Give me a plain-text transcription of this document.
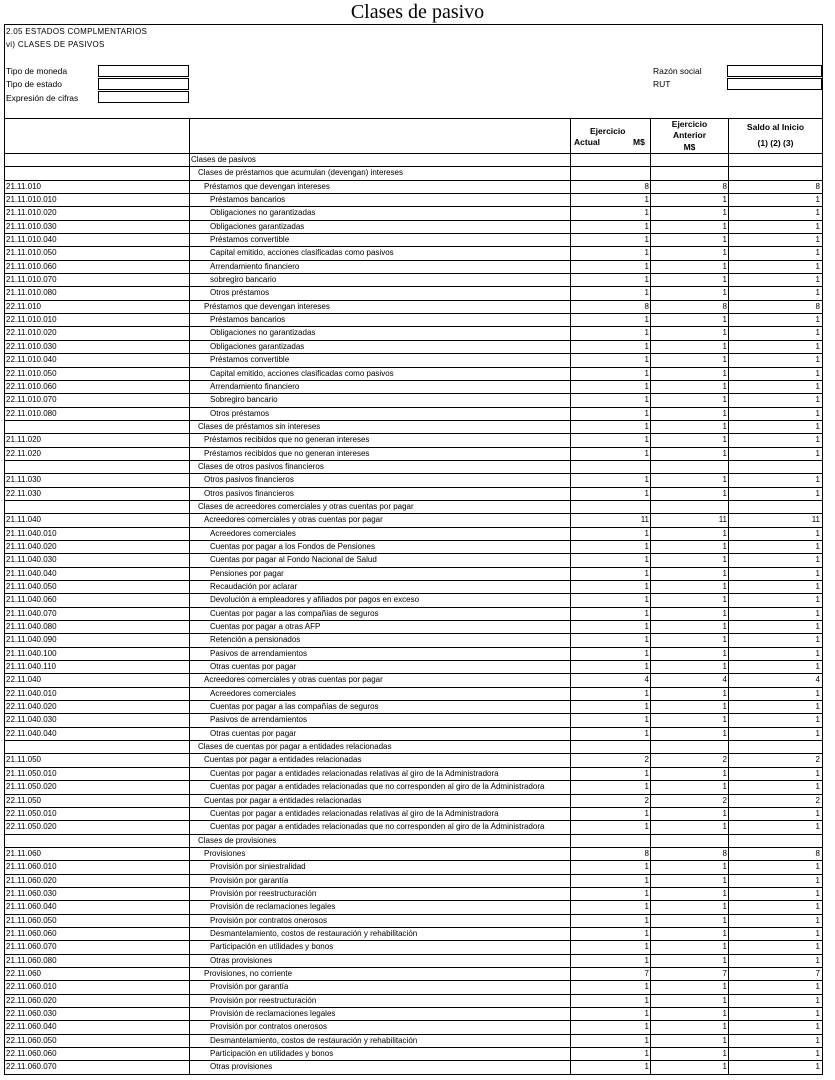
Clases de pasivo
2.05 ESTADOS COMPLMENTARIOS
vi) CLASES DE PASIVOS
Tipo de moneda
Tipo de estado
Expresión de cifras
Razón social
RUT
Ejercicio
Actual	M$
Ejercicio
Anterior
M$
Saldo al Inicio
(1) (2) (3)
Clases de pasivos
Clases de préstamos que acumulan (devengan) intereses
21.11.010	Préstamos que devengan intereses	8	8	8
21.11.010.010	Préstamos bancarios	1	1	1
21.11.010.020	Obligaciones no garantizadas	1	1	1
21.11.010.030	Obligaciones garantizadas	1	1	1
21.11.010.040	Préstamos convertible	1	1	1
21.11.010.050	Capital emitido, acciones clasificadas como pasivos	1	1	1
21.11.010.060	Arrendamiento financiero	1	1	1
21.11.010.070	sobregiro bancario	1	1	1
21.11.010.080	Otros préstamos	1	1	1
22.11.010	Préstamos que devengan intereses	8	8	8
22.11.010.010	Préstamos bancarios	1	1	1
22.11.010.020	Obligaciones no garantizadas	1	1	1
22.11.010.030	Obligaciones garantizadas	1	1	1
22.11.010.040	Préstamos convertible	1	1	1
22.11.010.050	Capital emitido, acciones clasificadas como pasivos	1	1	1
22.11.010.060	Arrendamiento financiero	1	1	1
22.11.010.070	Sobregiro bancario	1	1	1
22.11.010.080	Otros préstamos	1	1	1
Clases de préstamos sin intereses	1	1	1
21.11.020	Préstamos recibidos que no generan intereses	1	1	1
22.11.020	Préstamos recibidos que no generan intereses	1	1	1
Clases de otros pasivos financieros
21.11.030	Otros pasivos financieros	1	1	1
22.11.030	Otros pasivos financieros	1	1	1
Clases de acreedores comerciales y otras cuentas por pagar
21.11.040	Acreedores comerciales y otras cuentas por pagar	11	11	11
21.11.040.010	Acreedores comerciales	1	1	1
21.11.040.020	Cuentas por pagar a los Fondos de Pensiones	1	1	1
21.11.040.030	Cuentas por pagar al Fondo Nacional de Salud	1	1	1
21.11.040.040	Pensiones por pagar	1	1	1
21.11.040.050	Recaudación por aclarar	1	1	1
21.11.040.060	Devolución a empleadores y afiliados por pagos en exceso	1	1	1
21.11.040.070	Cuentas por pagar a las compañías de seguros	1	1	1
21.11.040.080	Cuentas por pagar a otras AFP	1	1	1
21.11.040.090	Retención a pensionados	1	1	1
21.11.040.100	Pasivos de arrendamientos	1	1	1
21.11.040.110	Otras cuentas por pagar	1	1	1
22.11.040	Acreedores comerciales y otras cuentas por pagar	4	4	4
22.11.040.010	Acreedores comerciales	1	1	1
22.11.040.020	Cuentas por pagar a las compañías de seguros	1	1	1
22.11.040.030	Pasivos de arrendamientos	1	1	1
22.11.040.040	Otras cuentas por pagar	1	1	1
Clases de cuentas por pagar a entidades relacionadas
21.11.050	Cuentas por pagar a entidades relacionadas	2	2	2
21.11.050.010	Cuentas por pagar a entidades relacionadas relativas al giro de la Administradora	1	1	1
21.11.050.020	Cuentas por pagar a entidades relacionadas que no corresponden al giro de la Administradora	1	1	1
22.11.050	Cuentas por pagar a entidades relacionadas	2	2	2
22.11.050.010	Cuentas por pagar a entidades relacionadas relativas al giro de la Administradora	1	1	1
22.11.050.020	Cuentas por pagar a entidades relacionadas que no corresponden al giro de la Administradora	1	1	1
Clases de provisiones
21.11.060	Provisiones	8	8	8
21.11.060.010	Provisión por siniestralidad	1	1	1
21.11.060.020	Provisión por garantía	1	1	1
21.11.060.030	Provisión por reestructuración	1	1	1
21.11.060.040	Provisión de reclamaciones legales	1	1	1
21.11.060.050	Provisión por contratos onerosos	1	1	1
21.11.060.060	Desmantelamiento, costos de restauración y rehabilitación	1	1	1
21.11.060.070	Participación en utilidades y bonos	1	1	1
21.11.060.080	Otras provisiones	1	1	1
22.11.060	Provisiones, no corriente	7	7	7
22.11.060.010	Provisión por garantía	1	1	1
22.11.060.020	Provisión por reestructuración	1	1	1
22.11.060.030	Provisión de reclamaciones legales	1	1	1
22.11.060.040	Provisión por contratos onerosos	1	1	1
22.11.060.050	Desmantelamiento, costos de restauración y rehabilitación	1	1	1
22.11.060.060	Participación en utilidades y bonos	1	1	1
22.11.060.070	Otras provisiones	1	1	1
